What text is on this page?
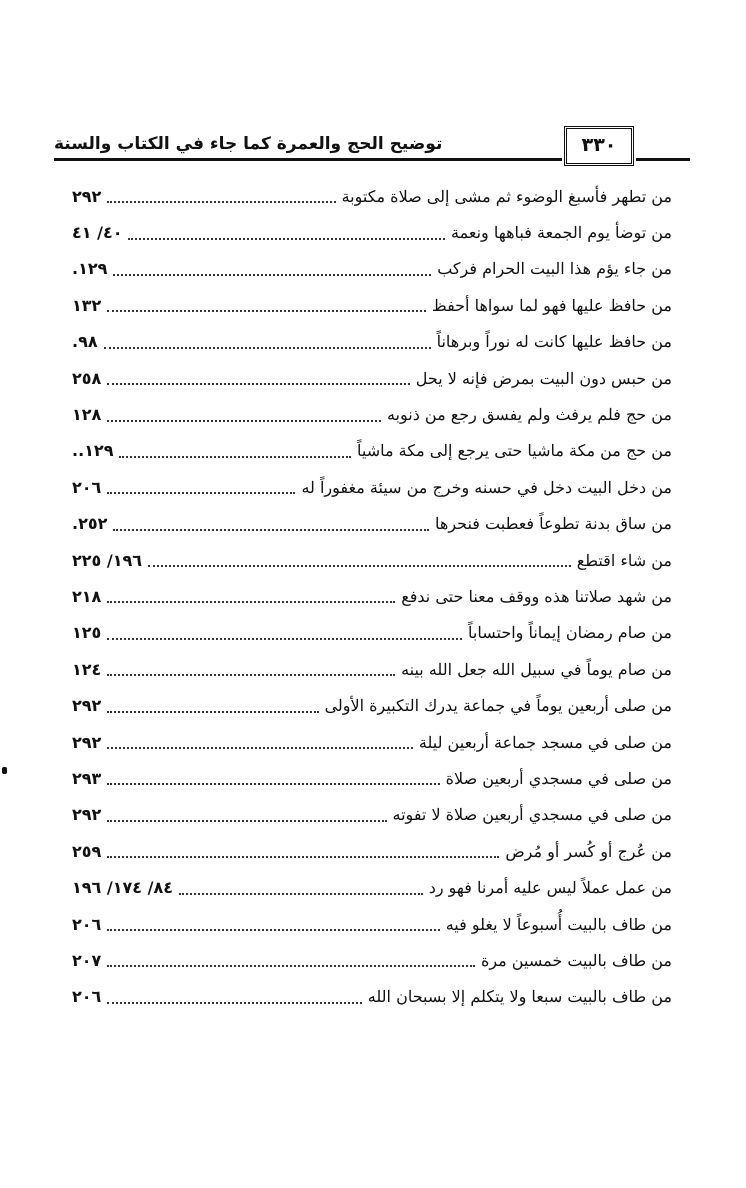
توضيح الحج والعمرة كما جاء في الكتاب والسنة	٣٣٠
٢٩٢	من تطهر فأسبغ الوضوء ثم مشى إلى صلاة مكتوبة
٤٠/ ٤١	من توضأ يوم الجمعة فباهها ونعمة
١٢٩.	من جاء يؤم هذا البيت الحرام فركب
١٣٢	من حافظ عليها فهو لما سواها أحفظ
٩٨.	من حافظ عليها كانت له نوراً وبرهاناً
٢٥٨	من حبس دون البيت بمرض فإنه لا يحل
١٢٨	من حج فلم يرفث ولم يفسق رجع من ذنوبه
١٢٩..	من حج من مكة ماشيا حتى يرجع إلى مكة ماشياً
٢٠٦	من دخل البيت دخل في حسنه وخرج من سيئة مغفوراً له
٢٥٢.	من ساق بدنة تطوعاً فعطبت فنحرها
١٩٦/ ٢٢٥	من شاء اقتطع
٢١٨	من شهد صلاتنا هذه ووقف معنا حتى ندفع
١٢٥	من صام رمضان إيماناً واحتساباً
١٢٤	من صام يوماً في سبيل الله جعل الله بينه
٢٩٢	من صلى أربعين يوماً في جماعة يدرك التكبيرة الأولى
٢٩٢	من صلى في مسجد جماعة أربعين ليلة
٢٩٣	من صلى في مسجدي أربعين صلاة
٢٩٢	من صلى في مسجدي أربعين صلاة لا تفوته
٢٥٩	من عُرج أو كُسر أو مُرض
٨٤/ ١٧٤/ ١٩٦	من عمل عملاً ليس عليه أمرنا فهو رد
٢٠٦	من طاف بالبيت أُسبوعاً لا يغلو فيه
٢٠٧	من طاف بالبيت خمسين مرة
٢٠٦	من طاف بالبيت سبعا ولا يتكلم إلا بسبحان الله
